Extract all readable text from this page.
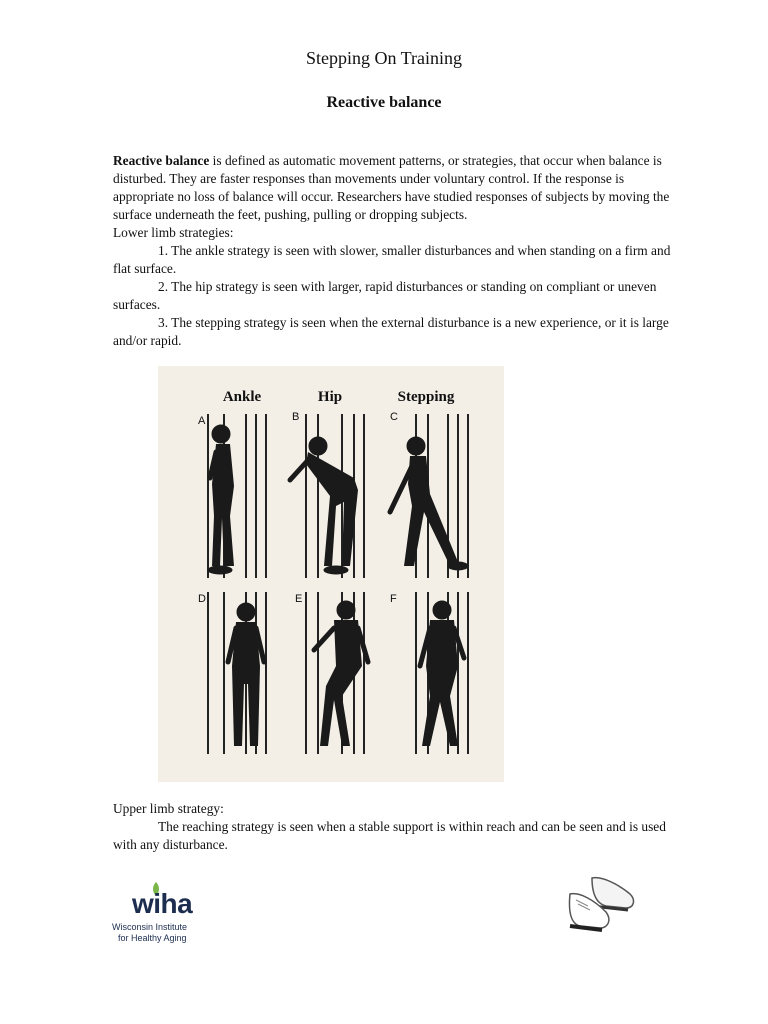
Stepping On Training
Reactive balance

Reactive balance is defined as automatic movement patterns, or strategies, that occur when balance is disturbed. They are faster responses than movements under voluntary control. If the response is appropriate no loss of balance will occur. Researchers have studied responses of subjects by moving the surface underneath the feet, pushing, pulling or dropping subjects.

Lower limb strategies:

1. The ankle strategy is seen with slower, smaller disturbances and when standing on a firm and flat surface.

2. The hip strategy is seen with larger, rapid disturbances or standing on compliant or uneven surfaces.

3. The stepping strategy is seen when the external disturbance is a new experience, or it is large and/or rapid.

Ankle	Hip	Stepping
A	B	C
D	E	F

Upper limb strategy:

The reaching strategy is seen when a stable support is within reach and can be seen and is used with any disturbance.

wiha
Wisconsin Institute
for Healthy Aging
